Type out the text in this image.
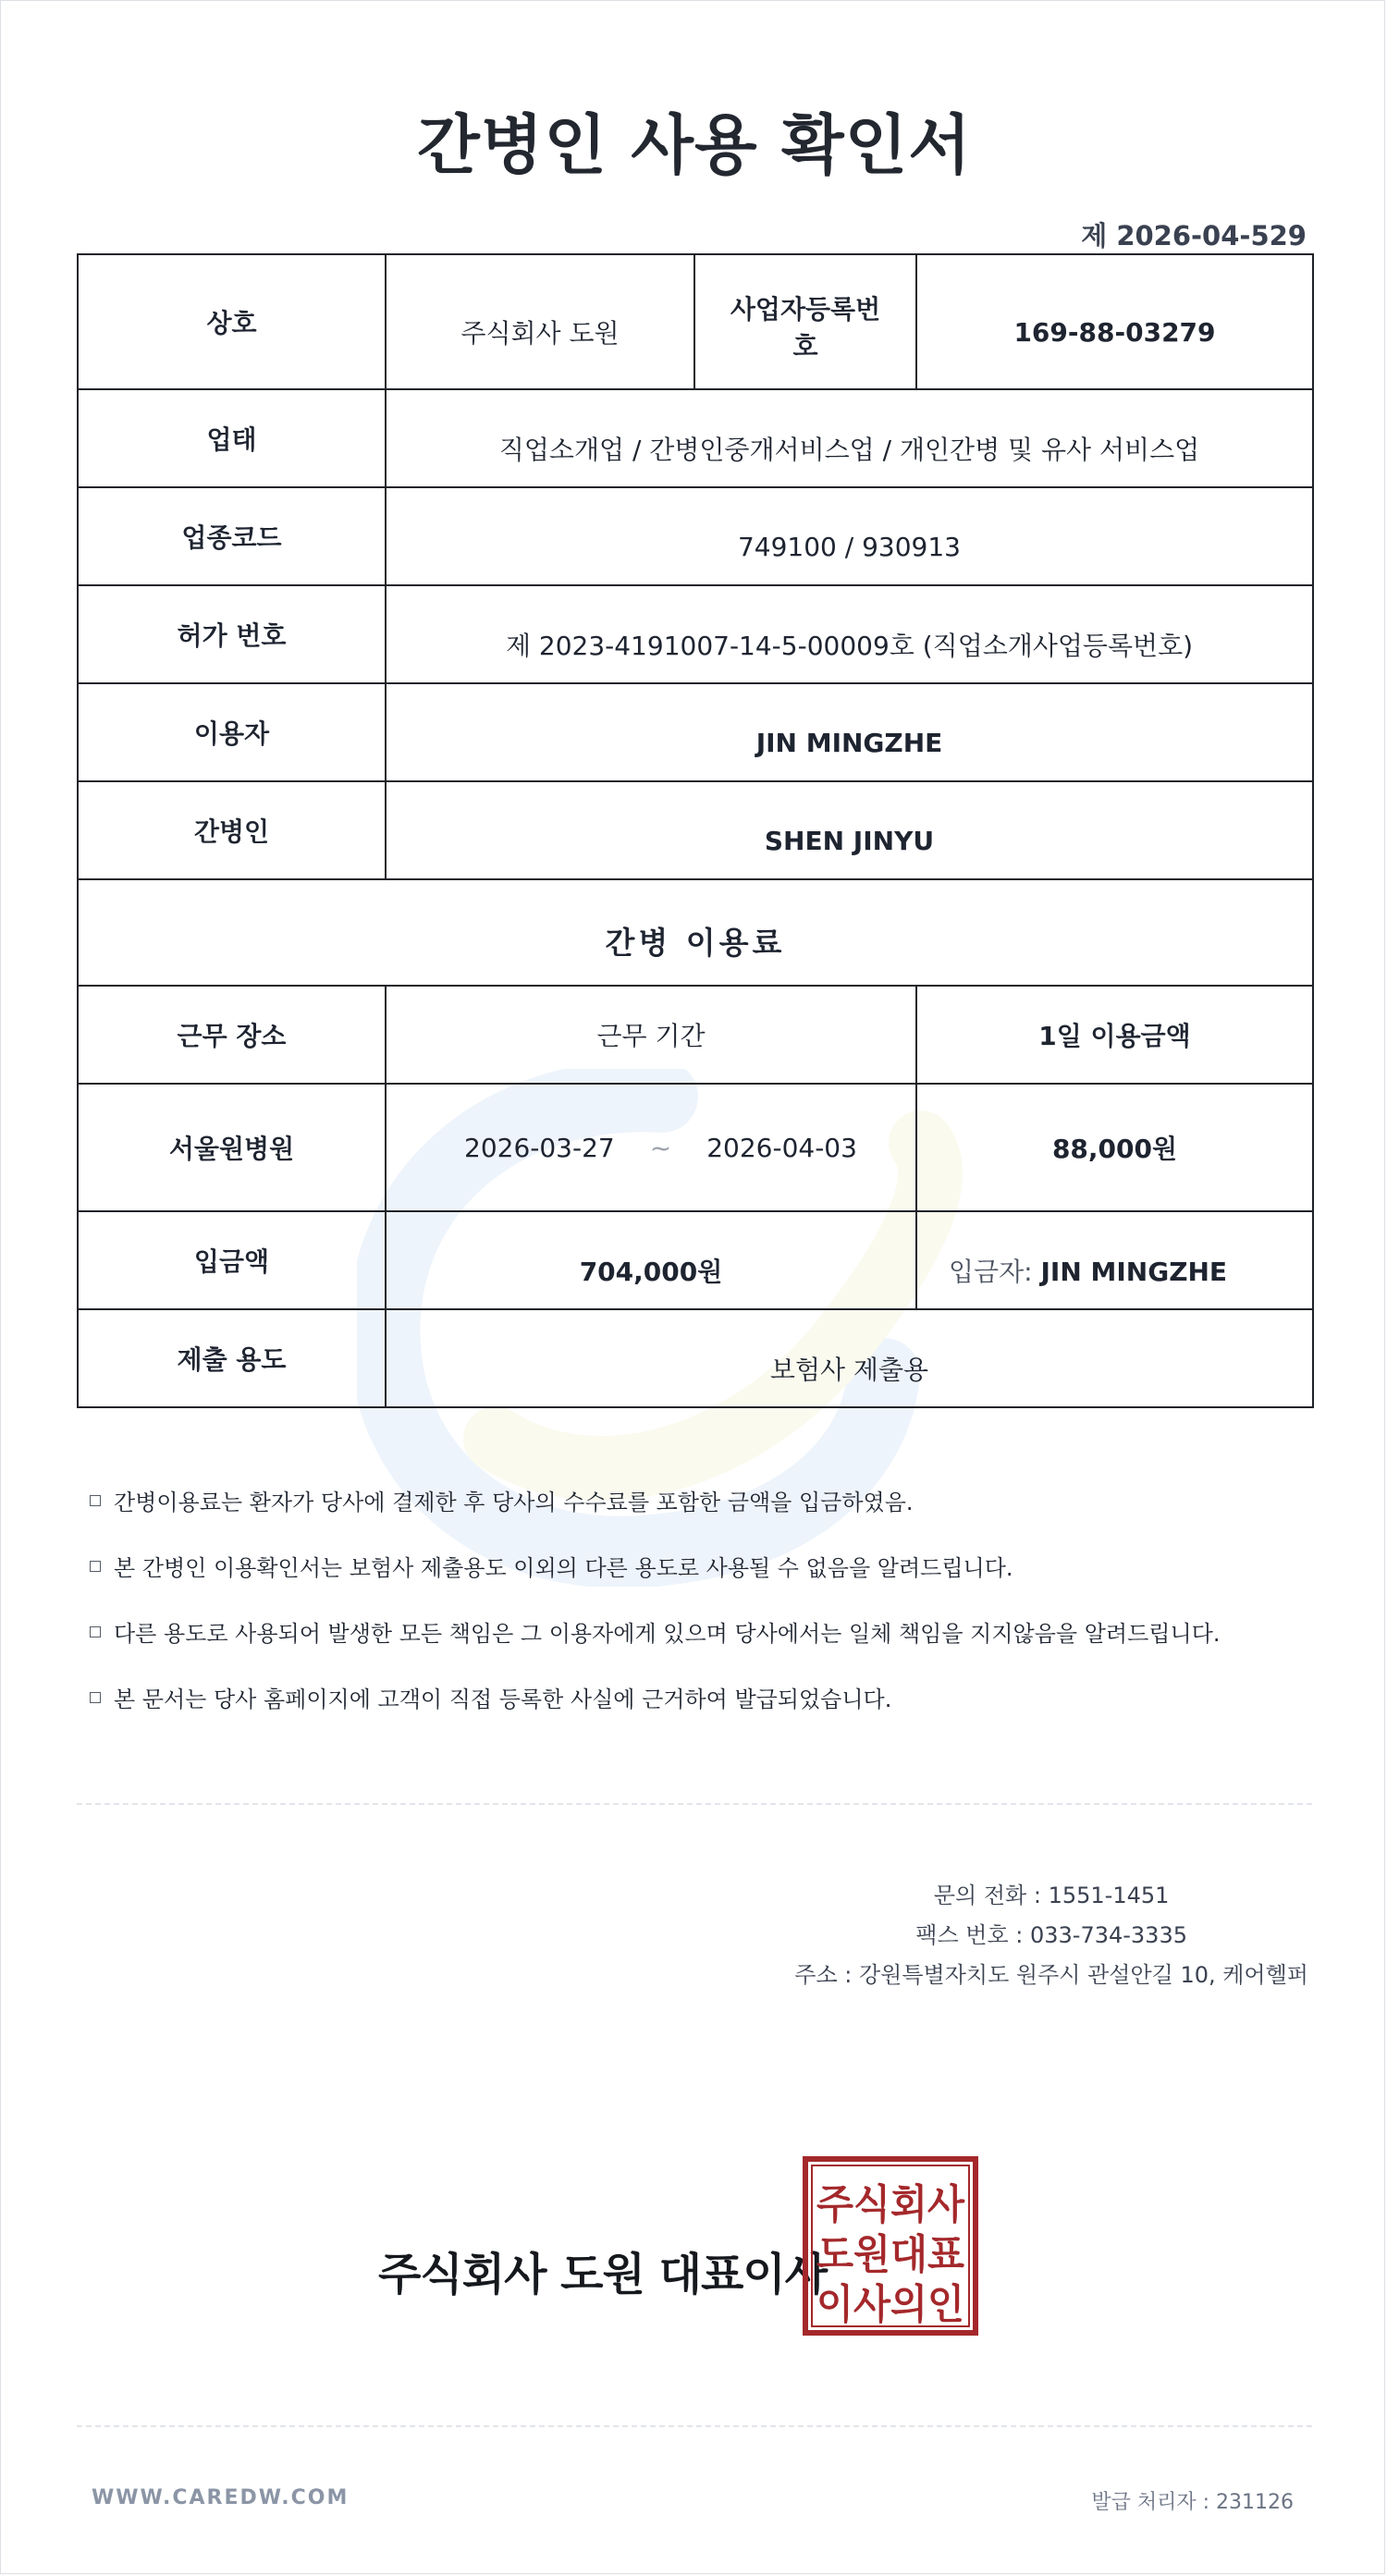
간병인 사용 확인서
제 2026-04-529
상호	주식회사 도원	사업자등록번호	169-88-03279
업태	직업소개업 / 간병인중개서비스업 / 개인간병 및 유사 서비스업		
업종코드	749100 / 930913		
허가 번호	제 2023-4191007-14-5-00009호 (직업소개사업등록번호)		
이용자	JIN MINGZHE		
간병인	SHEN JINYU		
간병 이용료			
근무 장소	근무 기간		1일 이용금액
서울원병원	2026-03-27 ~ 2026-04-03		88,000원
입금액	704,000원		입금자: JIN MINGZHE
제출 용도	보험사 제출용		
간병이용료는 환자가 당사에 결제한 후 당사의 수수료를 포함한 금액을 입금하였음.
본 간병인 이용확인서는 보험사 제출용도 이외의 다른 용도로 사용될 수 없음을 알려드립니다.
다른 용도로 사용되어 발생한 모든 책임은 그 이용자에게 있으며 당사에서는 일체 책임을 지지않음을 알려드립니다.
본 문서는 당사 홈페이지에 고객이 직접 등록한 사실에 근거하여 발급되었습니다.
문의 전화 : 1551-1451
팩스 번호 : 033-734-3335
주소 : 강원특별자치도 원주시 관설안길 10, 케어헬퍼
주식회사 도원 대표이사
주식회사
도원대표
이사의인
WWW.CAREDW.COM	발급 처리자 : 231126
